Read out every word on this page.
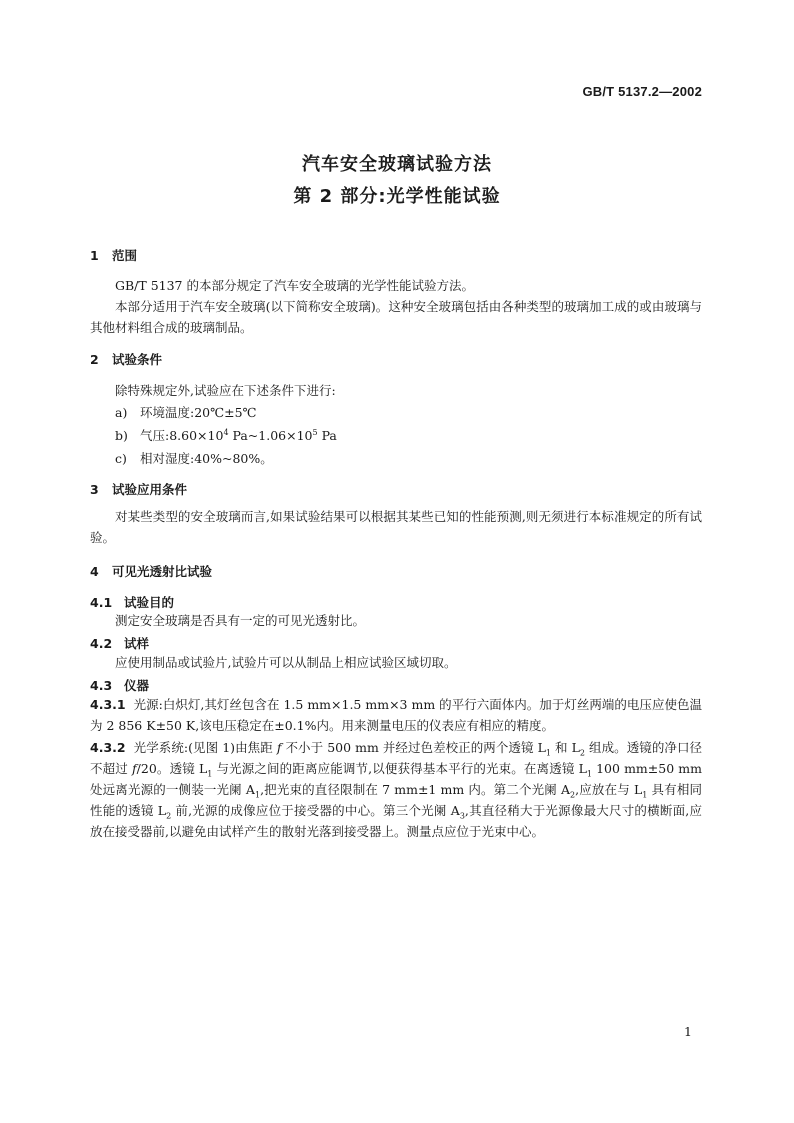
GB/T 5137.2—2002
汽车安全玻璃试验方法
第 2 部分:光学性能试验
1 范围
GB/T 5137 的本部分规定了汽车安全玻璃的光学性能试验方法。
本部分适用于汽车安全玻璃(以下简称安全玻璃)。这种安全玻璃包括由各种类型的玻璃加工成的或由玻璃与其他材料组合成的玻璃制品。
2 试验条件
除特殊规定外,试验应在下述条件下进行:
a) 环境温度:20℃±5℃
b) 气压$:8.60\times 10^4$ $Pa\sim 1.06\times 10^5$ Pa
c) 相对湿度:40%~80%。
3 试验应用条件
对某些类型的安全玻璃而言,如果试验结果可以根据其某些已知的性能预测,则无须进行本标准规定的所有试验。
4 可见光透射比试验
4.1 试验目的
测定安全玻璃是否具有一定的可见光透射比。
4.2 试样
应使用制品或试验片,试验片可以从制品上相应试验区域切取。
4.3 仪器
4.3.1 光源:白炽灯,其灯丝包含在 1.5 mm×1.5 mm×3 mm 的平行六面体内。加于灯丝两端的电压应使色温为 2 856 K±50 K,该电压稳定在±0.1%内。用来测量电压的仪表应有相应的精度。
4.3.2 光学系统:(见图 1)由焦距 f 不小于 500 mm 并经过色差校正的两个透镜 $L_1$ 和 $L_2$ 组成。透镜的净口径不超过 f/20。透镜 $L_1$ 与光源之间的距离应能调节,以便获得基本平行的光束。在离透镜 $L_1$ 100 mm±50 mm 处远离光源的一侧装一光阑 $A_1$,把光束的直径限制在 7 mm±1 mm 内。第二个光阑 $A_2$,应放在与 $L_1$ 具有相同性能的透镜 $L_2$ 前,光源的成像应位于接受器的中心。第三个光阑 $A_3$,其直径稍大于光源像最大尺寸的横断面,应放在接受器前,以避免由试样产生的散射光落到接受器上。测量点应位于光束中心。
1
